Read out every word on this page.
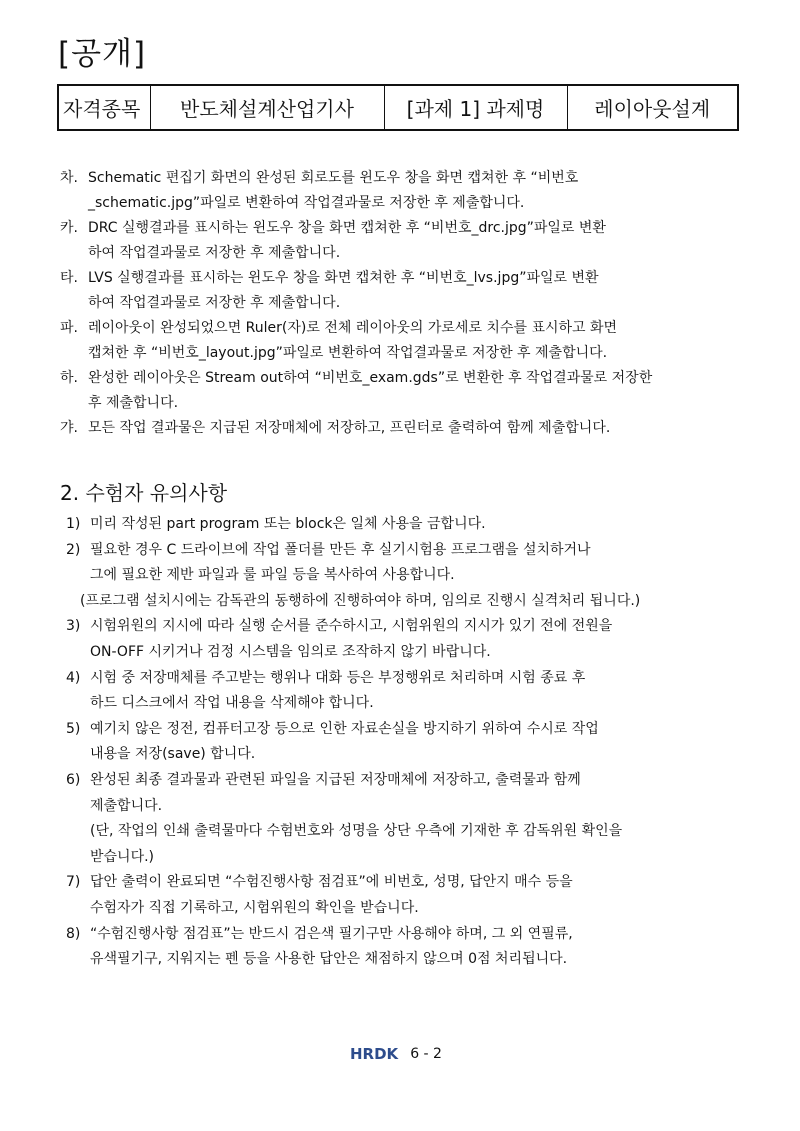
[공개]
자격종목	반도체설계산업기사	[과제 1] 과제명	레이아웃설계
차. Schematic 편집기 화면의 완성된 회로도를 윈도우 창을 화면 캡쳐한 후 “비번호
_schematic.jpg”파일로 변환하여 작업결과물로 저장한 후 제출합니다.
카. DRC 실행결과를 표시하는 윈도우 창을 화면 캡쳐한 후 “비번호_drc.jpg”파일로 변환
하여 작업결과물로 저장한 후 제출합니다.
타. LVS 실행결과를 표시하는 윈도우 창을 화면 캡쳐한 후 “비번호_lvs.jpg”파일로 변환
하여 작업결과물로 저장한 후 제출합니다.
파. 레이아웃이 완성되었으면 Ruler(자)로 전체 레이아웃의 가로세로 치수를 표시하고 화면
캡쳐한 후 “비번호_layout.jpg”파일로 변환하여 작업결과물로 저장한 후 제출합니다.
하. 완성한 레이아웃은 Stream out하여 “비번호_exam.gds”로 변환한 후 작업결과물로 저장한
후 제출합니다.
갸. 모든 작업 결과물은 지급된 저장매체에 저장하고, 프린터로 출력하여 함께 제출합니다.
2. 수험자 유의사항
1) 미리 작성된 part program 또는 block은 일체 사용을 금합니다.
2) 필요한 경우 C 드라이브에 작업 폴더를 만든 후 실기시험용 프로그램을 설치하거나
그에 필요한 제반 파일과 룰 파일 등을 복사하여 사용합니다.
(프로그램 설치시에는 감독관의 동행하에 진행하여야 하며, 임의로 진행시 실격처리 됩니다.)
3) 시험위원의 지시에 따라 실행 순서를 준수하시고, 시험위원의 지시가 있기 전에 전원을
ON-OFF 시키거나 검정 시스템을 임의로 조작하지 않기 바랍니다.
4) 시험 중 저장매체를 주고받는 행위나 대화 등은 부정행위로 처리하며 시험 종료 후
하드 디스크에서 작업 내용을 삭제해야 합니다.
5) 예기치 않은 정전, 컴퓨터고장 등으로 인한 자료손실을 방지하기 위하여 수시로 작업
내용을 저장(save) 합니다.
6) 완성된 최종 결과물과 관련된 파일을 지급된 저장매체에 저장하고, 출력물과 함께
제출합니다.
(단, 작업의 인쇄 출력물마다 수험번호와 성명을 상단 우측에 기재한 후 감독위원 확인을
받습니다.)
7) 답안 출력이 완료되면 “수험진행사항 점검표”에 비번호, 성명, 답안지 매수 등을
수험자가 직접 기록하고, 시험위원의 확인을 받습니다.
8) “수험진행사항 점검표”는 반드시 검은색 필기구만 사용해야 하며, 그 외 연필류,
유색필기구, 지워지는 펜 등을 사용한 답안은 채점하지 않으며 0점 처리됩니다.
HRDK 6 - 2
